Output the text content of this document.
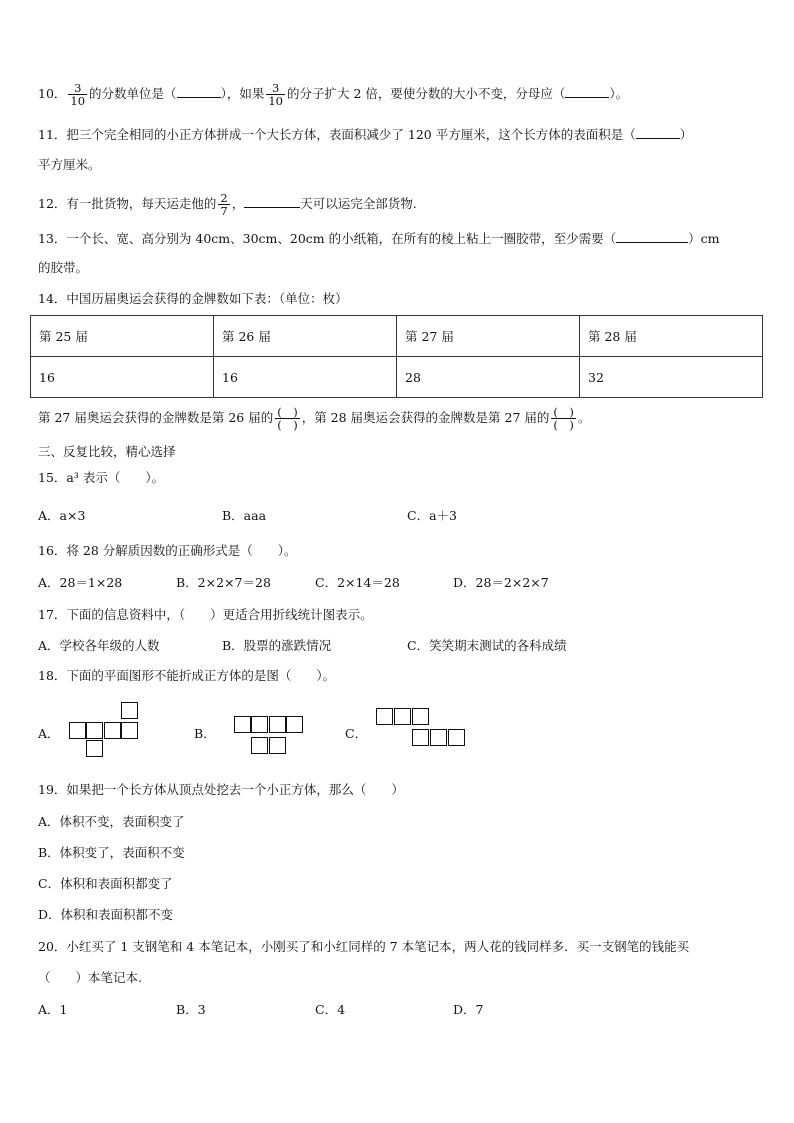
10． $\frac{3}{10}$ 的分数单位是（	），如果 $\frac{3}{10}$ 的分子扩大 2 倍，要使分数的大小不变，分母应（	）。
11．把三个完全相同的小正方体拼成一个大长方体，表面积减少了 120 平方厘米，这个长方体的表面积是（	）
平方厘米。
12．有一批货物，每天运走他的 $\frac{2}{7}$ ，	天可以运完全部货物.
13．一个长、宽、高分别为 40cm、30cm、20cm 的小纸箱，在所有的棱上粘上一圈胶带，至少需要（	）cm
的胶带。
14．中国历届奥运会获得的金牌数如下表：（单位：枚）
第 25 届	第 26 届	第 27 届	第 28 届
16	16	28	32
第 27 届奥运会获得的金牌数是第 26 届的 $\frac{( )}{( )}$ ，第 28 届奥运会获得的金牌数是第 27 届的 $\frac{( )}{( )}$ 。
三、反复比较，精心选择
15．a³ 表示（　　）。
A．a×3	B．aaa	C．a＋3
16．将 28 分解质因数的正确形式是（　　）。
A．28＝1×28	B．2×2×7＝28	C．2×14＝28	D．28＝2×2×7
17．下面的信息资料中，（　　）更适合用折线统计图表示。
A．学校各年级的人数	B．股票的涨跌情况	C．笑笑期末测试的各科成绩
18．下面的平面图形不能折成正方体的是图（　　）。
A．	B．	C．
19．如果把一个长方体从顶点处挖去一个小正方体，那么（　　）
A．体积不变，表面积变了
B．体积变了，表面积不变
C．体积和表面积都变了
D．体积和表面积都不变
20．小红买了 1 支钢笔和 4 本笔记本，小刚买了和小红同样的 7 本笔记本，两人花的钱同样多．买一支钢笔的钱能买
（　　）本笔记本.
A．1	B．3	C．4	D．7
